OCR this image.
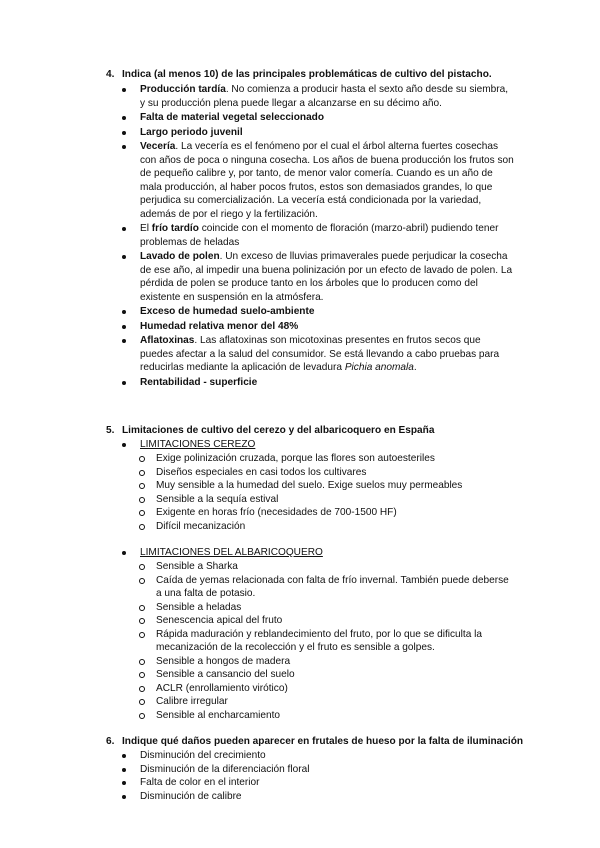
4. Indica (al menos 10) de las principales problemáticas de cultivo del pistacho.
Producción tardía. No comienza a producir hasta el sexto año desde su siembra, y su producción plena puede llegar a alcanzarse en su décimo año.
Falta de material vegetal seleccionado
Largo periodo juvenil
Vecería. La vecería es el fenómeno por el cual el árbol alterna fuertes cosechas con años de poca o ninguna cosecha. Los años de buena producción los frutos son de pequeño calibre y, por tanto, de menor valor comería. Cuando es un año de mala producción, al haber pocos frutos, estos son demasiados grandes, lo que perjudica su comercialización. La vecería está condicionada por la variedad, además de por el riego y la fertilización.
El frío tardío coincide con el momento de floración (marzo-abril) pudiendo tener problemas de heladas
Lavado de polen. Un exceso de lluvias primaverales puede perjudicar la cosecha de ese año, al impedir una buena polinización por un efecto de lavado de polen. La pérdida de polen se produce tanto en los árboles que lo producen como del existente en suspensión en la atmósfera.
Exceso de humedad suelo-ambiente
Humedad relativa menor del 48%
Aflatoxinas. Las aflatoxinas son micotoxinas presentes en frutos secos que puedes afectar a la salud del consumidor. Se está llevando a cabo pruebas para reducirlas mediante la aplicación de levadura Pichia anomala.
Rentabilidad - superficie
5. Limitaciones de cultivo del cerezo y del albaricoquero en España
LIMITACIONES CEREZO
Exige polinización cruzada, porque las flores son autoesteriles
Diseños especiales en casi todos los cultivares
Muy sensible a la humedad del suelo. Exige suelos muy permeables
Sensible a la sequía estival
Exigente en horas frío (necesidades de 700-1500 HF)
Difícil mecanización
LIMITACIONES DEL ALBARICOQUERO
Sensible a Sharka
Caída de yemas relacionada con falta de frío invernal. También puede deberse a una falta de potasio.
Sensible a heladas
Senescencia apical del fruto
Rápida maduración y reblandecimiento del fruto, por lo que se dificulta la mecanización de la recolección y el fruto es sensible a golpes.
Sensible a hongos de madera
Sensible a cansancio del suelo
ACLR (enrollamiento virótico)
Calibre irregular
Sensible al encharcamiento
6. Indique qué daños pueden aparecer en frutales de hueso por la falta de iluminación
Disminución del crecimiento
Disminución de la diferenciación floral
Falta de color en el interior
Disminución de calibre
